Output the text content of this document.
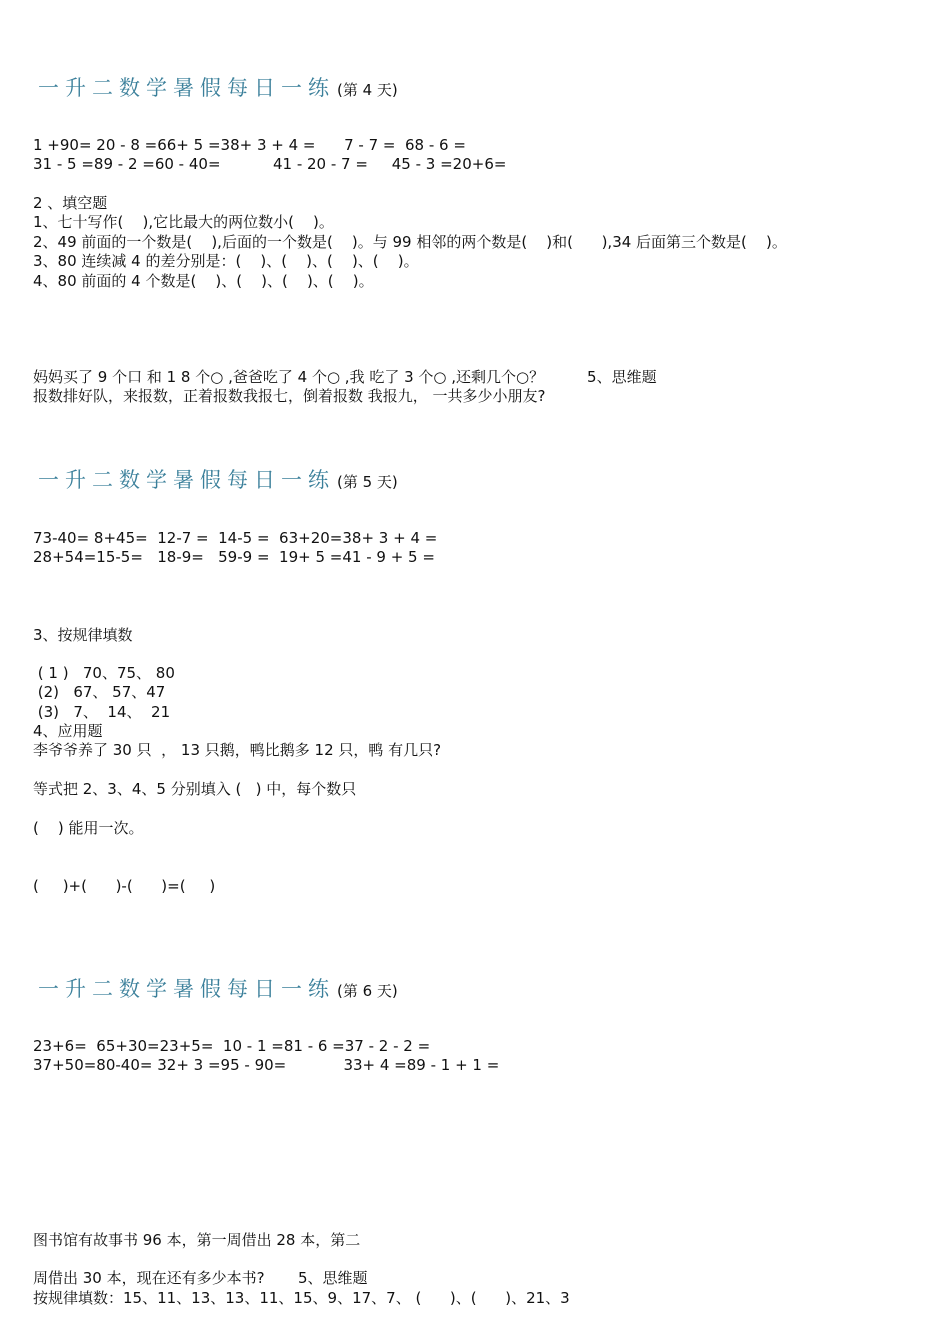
一升二数学暑假每日一练 (第 4 天)
1 +90= 20 - 8 =66+ 5 =38+ 3 + 4 =      7 - 7 =  68 - 6 =
31 - 5 =89 - 2 =60 - 40=           41 - 20 - 7 =     45 - 3 =20+6=
2 、填空题
1、七十写作(    ),它比最大的两位数小(    )。
2、49 前面的一个数是(    ),后面的一个数是(    )。与 99 相邻的两个数是(    )和(      ),34 后面第三个数是(    )。
3、80 连续减 4 的差分别是：(    )、(    )、(    )、(    )。
4、80 前面的 4 个数是(    )、(    )、(    )、(    )。
妈妈买了 9 个口 和 1 8 个○ ,爸爸吃了 4 个○ ,我 吃了 3 个○ ,还剩几个○？         5、思维题
报数排好队，来报数，正着报数我报七，倒着报数 我报九， 一共多少小朋友?
一升二数学暑假每日一练 (第 5 天)
73-40= 8+45=  12-7 =  14-5 =  63+20=38+ 3 + 4 =
28+54=15-5=   18-9=   59-9 =  19+ 5 =41 - 9 + 5 =
3、按规律填数
( 1 )   70、75、 80
(2)   67、 57、47
(3)   7、  14、  21
4、应用题
李爷爷养了 30 只  ， 13 只鹅，鸭比鹅多 12 只，鸭 有几只?
等式把 2、3、4、5 分别填入 (   ) 中，每个数只
(    ) 能用一次。
(     )+(      )-(      )=(     )
一升二数学暑假每日一练 (第 6 天)
23+6=  65+30=23+5=  10 - 1 =81 - 6 =37 - 2 - 2 =
37+50=80-40= 32+ 3 =95 - 90=            33+ 4 =89 - 1 + 1 =
图书馆有故事书 96 本，第一周借出 28 本，第二
周借出 30 本，现在还有多少本书?       5、思维题
按规律填数：15、11、13、13、11、15、9、17、7、 (      )、(      )、21、3
